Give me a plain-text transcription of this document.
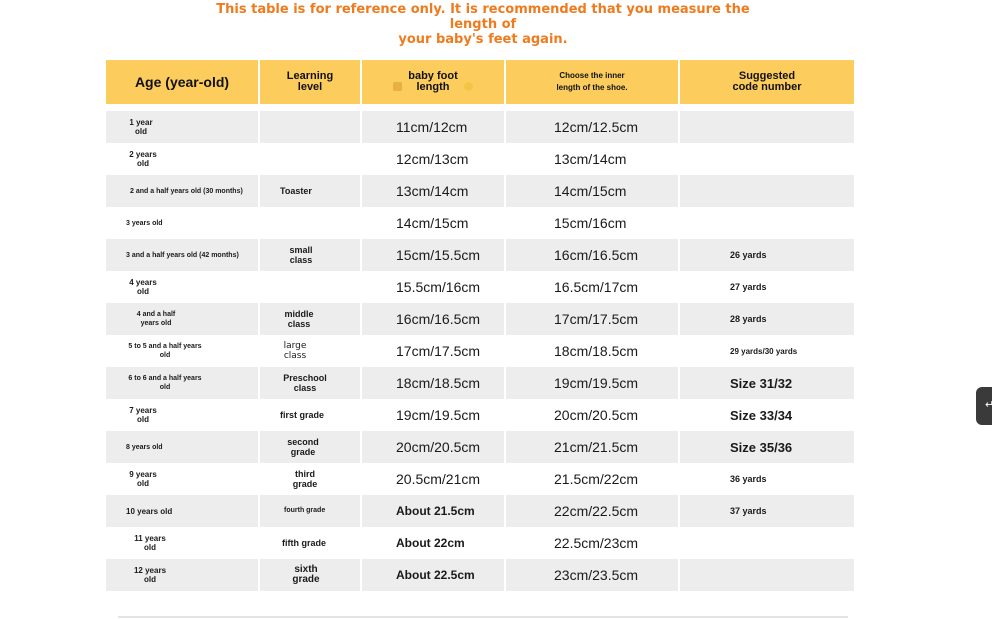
This table is for reference only. It is recommended that you measure the length of
your baby's feet again.
Age (year-old)	Learning level	baby foot length	Choose the inner length of the shoe.	Suggested code number
1 year old		11cm/12cm	12cm/12.5cm	
2 years old		12cm/13cm	13cm/14cm	
2 and a half years old (30 months)	Toaster	13cm/14cm	14cm/15cm	
3 years old		14cm/15cm	15cm/16cm	
3 and a half years old (42 months)	small class	15cm/15.5cm	16cm/16.5cm	26 yards
4 years old		15.5cm/16cm	16.5cm/17cm	27 yards
4 and a half years old	middle class	16cm/16.5cm	17cm/17.5cm	28 yards
5 to 5 and a half years old	large class	17cm/17.5cm	18cm/18.5cm	29 yards/30 yards
6 to 6 and a half years old	Preschool class	18cm/18.5cm	19cm/19.5cm	Size 31/32
7 years old	first grade	19cm/19.5cm	20cm/20.5cm	Size 33/34
8 years old	second grade	20cm/20.5cm	21cm/21.5cm	Size 35/36
9 years old	third grade	20.5cm/21cm	21.5cm/22cm	36 yards
10 years old	fourth grade	About 21.5cm	22cm/22.5cm	37 yards
11 years old	fifth grade	About 22cm	22.5cm/23cm	
12 years old	sixth grade	About 22.5cm	23cm/23.5cm	
↵
